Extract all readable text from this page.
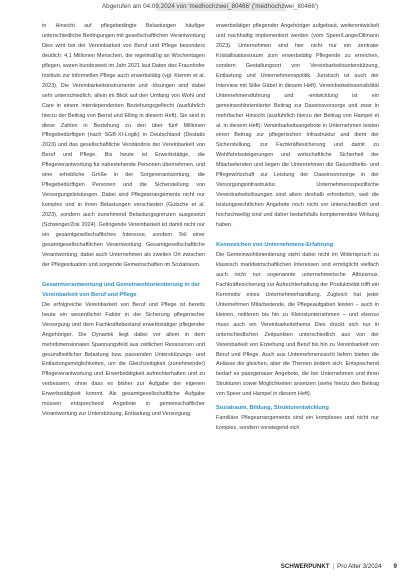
Abgerufen am 04.09.2024 von 'medhochzwei_80466' ('medhochzwei_80466')

in Hinsicht auf pflegebedingte Belastungen häufiger unterschiedliche Bedingungen mit gesellschaftlichen Verantwortung Dies wird bei der Vereinbarkeit von Beruf und Pflege besonders deutlich: 4,1 Millionen Menschen, die regelmäßig an Wochentagen pflegen, waren bundesweit im Jahr 2021 laut Daten des Fraunhofer Instituts zur informellen Pflege auch erwerbstätig (vgl. Klemm et al. 2023). Die Vereinbarkeitsinstrumente und -lösungen sind dabei sehr unterschiedlich, allein im Blick auf den Umfang von Wohl und Care in einem interdependenten Beziehungsgeflecht (ausführlich hierzu der Beitrag von Bernd und Elling in diesem Heft). Sie sind in diese Zahlen in Beziehung zu den über fünf Millionen Pflegebedürftigen (nach SGB-XI-Logik) in Deutschland (Destatis 2023) und das gesellschaftliche Verständnis der Vereinbarkeit von Beruf und Pflege. Bis heute ist Erwerbstätige, die Pflegeverantwortung für nahestehende Personen übernehmen, und eine erhebliche Größe in der Sorgeverantwortung, die Pflegebedürftigen Personen und die Sicherstellung von Versorgungsleistungen. Dabei sind Pflegearrangements nicht nur komplex und in ihren Belastungen verschieden (Gutsche et al. 2023), sondern auch zunehmend Belastungsgrenzen ausgesetzt (Schwinger/Zok 2024). Gelingende Vereinbarkeit ist damit nicht nur ein gesamtgesellschaftliches Interesse, sondern Teil einer gesamtgesellschaftlichen Verantwortung. Gesamtgesellschaftliche Verantwortung, dabei auch Unternehmen als zweiten Ort zwischen der Pflegesituation und sorgende Gemeinschaften im Sozialraum.

Gesamtverantwortung und Gemeinwohlorientierung in der Vereinbarkeit von Beruf und Pflege

Die erfolgreiche Vereinbarkeit von Beruf und Pflege ist bereits heute ein wesentlicher Faktor in der Sicherung pflegerischer Versorgung und dem Fachkräftebestand erwerbstätiger pflegender Angehöriger. Die Dynamik liegt dabei vor allem in dem mehrdimensionalen Spannungsfeld aus zeitlichen Ressourcen und gesundheitlicher Belastung bzw. passenden Unterstützungs- und Entlastungsmöglichkeiten, um die Gleichzeitigkeit (zunehmender) Pflegeverantwortung und Erwerbstätigkeit aufrechterhalten und zu verbessern, ohne dass es bisher zur Aufgabe der eigenen Erwerbstätigkeit kommt. Als gesamtgesellschaftliche Aufgabe müssen entsprechend Angebote in gemeinschaftlicher Verantwortung zur Unterstützung, Entlastung und Versorgung

erwerbstätiger pflegender Angehöriger aufgebaut, weiterentwickelt und nachhaltig implementiert werden (vom Speer/Lange/Ollmann 2023). Unternehmen sind hier nicht nur ein zentraler Kristallisationsraum zum erwerbstätig Pflegende zu erreichen, sondern Gestaltungsort von Vereinbarkeitsunterstützung, Entlastung und Unternehmenspolitik. Juristisch ist auch der Interview mit Silke Gäbel in diesem Heft). Vereinbarkeitssensibilität Unternehmensführung und -entwicklung ist ein gemeinwohlorientierter Beitrag zur Daseinsvorsorge und zwar in mehrfacher Hinsicht (ausführlich hierzu der Beitrag von Hampel et al. in diesem Heft): Vereinbarkeitsangebote in Unternehmen leisten einen Beitrag zur pflegerischen Infrastruktur und dient der Sicherstellung, zur Fachkräftesicherung und damit zu Wohlfahrtssteigerungen und wirtschaftliche Sicherheit der Mitarbeitenden und liegen die Unternehmen die Gesundheits- und Pflegewirtschaft zur Leistung der Daseinsvorsorge in der Versorgungsinfrastruktur. Unternehmensspezifische Vereinbarkeitslösungen sind allein deshalb erforderlich, weil die leistungsrechtlichen Angebote noch nicht vor unterschiedlich und hochschwellig sind und daher bedarfsfalls komplementäre Wirkung haben.

Kennzeichen von Unternehmens-Erfahrung

Die Gemeinwohlorientierung steht dabei nicht im Widerspruch zu klassisch marktwirtschaftlichen Interessen und ermöglicht vielfach auch nicht nur sogenannte unternehmerische Altruismus. Fachkräftesicherung zur Aufrechterhaltung der Produktivität trifft ein Kernmotiv eines Unternehmerhandlung. Zugleich hat jeder Unternehmen Mitarbeitende, die Pflegeaufgaben leisten – auch in kleinen, mittleren bis hin zu Kleinstunternehmen – und ebenso muss auch ein Vereinbarkeitsthema Dies drückt sich nur in unterschiedlichen Zeitpunkten unterschiedlich aus von der Vereinbarkeit von Erziehung und Beruf bis hin zu Vereinbarkeit von Beruf und Pflege. Auch aus Unternehmenssicht liefern bieten die Anlässe die gleichen, aber die Themen ändern sich. Entsprechend bedarf es passgenauer Angebote, die bei Unternehmen und ihren Strukturen sowie Möglichkeiten ansetzen (siehe hierzu den Beitrag von Speer und Hampel in diesem Heft).

Sozialraum, Bildung, Strukturentwicklung

Familiäre Pflegearrangements sind ein komplexes und nicht nur komplex, sondern vorwiegend sich

SCHWERPUNKT | Pro Alter 3/2024 9
